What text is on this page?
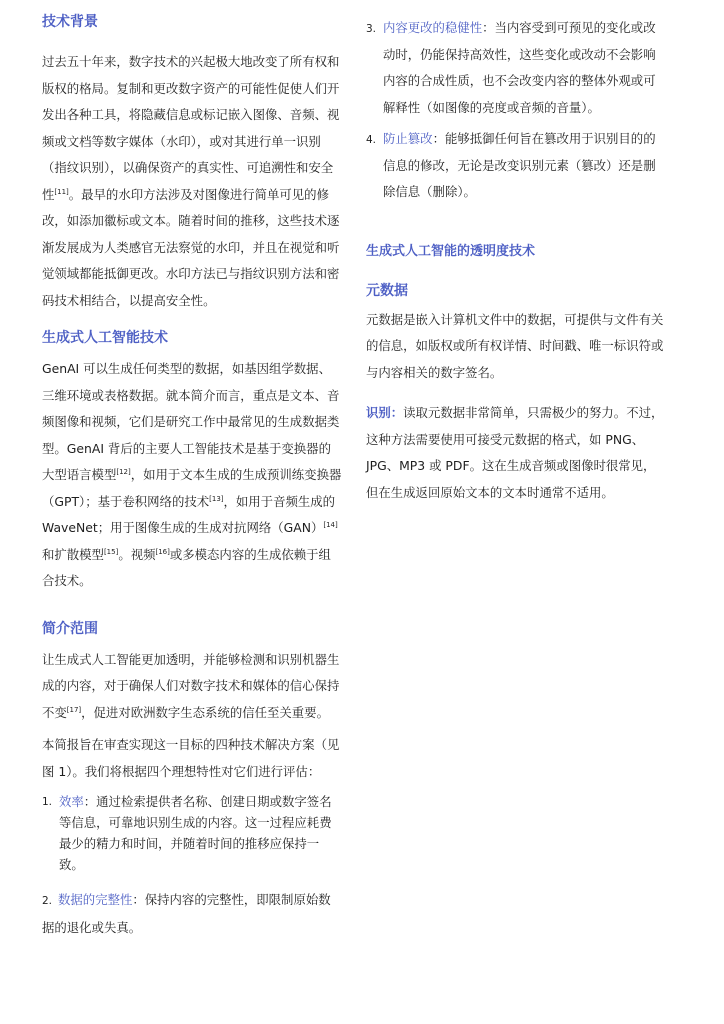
技术背景

过去五十年来，数字技术的兴起极大地改变了所有权和版权的格局。复制和更改数字资产的可能性促使人们开发出各种工具，将隐藏信息或标记嵌入图像、音频、视频或文档等数字媒体（水印），或对其进行单一识别（指纹识别），以确保资产的真实性、可追溯性和安全性[11]。最早的水印方法涉及对图像进行简单可见的修改，如添加徽标或文本。随着时间的推移，这些技术逐渐发展成为人类感官无法察觉的水印，并且在视觉和听觉领域都能抵御更改。水印方法已与指纹识别方法和密码技术相结合，以提高安全性。

生成式人工智能技术

GenAI 可以生成任何类型的数据，如基因组学数据、三维环境或表格数据。就本简介而言，重点是文本、音频图像和视频，它们是研究工作中最常见的生成数据类型。GenAI 背后的主要人工智能技术是基于变换器的大型语言模型[12]，如用于文本生成的生成预训练变换器（GPT）；基于卷积网络的技术[13]，如用于音频生成的 WaveNet；用于图像生成的生成对抗网络（GAN）[14]和扩散模型[15]。视频[16]或多模态内容的生成依赖于组合技术。

简介范围

让生成式人工智能更加透明，并能够检测和识别机器生成的内容，对于确保人们对数字技术和媒体的信心保持不变[17]，促进对欧洲数字生态系统的信任至关重要。

本简报旨在审查实现这一目标的四种技术解决方案（见图 1）。我们将根据四个理想特性对它们进行评估：

1. 效率：通过检索提供者名称、创建日期或数字签名等信息，可靠地识别生成的内容。这一过程应耗费最少的精力和时间，并随着时间的推移应保持一致。
2. 数据的完整性：保持内容的完整性，即限制原始数据的退化或失真。
3. 内容更改的稳健性：当内容受到可预见的变化或改动时，仍能保持高效性，这些变化或改动不会影响内容的合成性质，也不会改变内容的整体外观或可解释性（如图像的亮度或音频的音量）。
4. 防止篡改：能够抵御任何旨在篡改用于识别目的的信息的修改，无论是改变识别元素（篡改）还是删除信息（删除）。
生成式人工智能的透明度技术
元数据

元数据是嵌入计算机文件中的数据，可提供与文件有关的信息，如版权或所有权详情、时间戳、唯一标识符或与内容相关的数字签名。

识别：读取元数据非常简单，只需极少的努力。不过，这种方法需要使用可接受元数据的格式，如 PNG、JPG、MP3 或 PDF。这在生成音频或图像时很常见，但在生成返回原始文本的文本时通常不适用。
